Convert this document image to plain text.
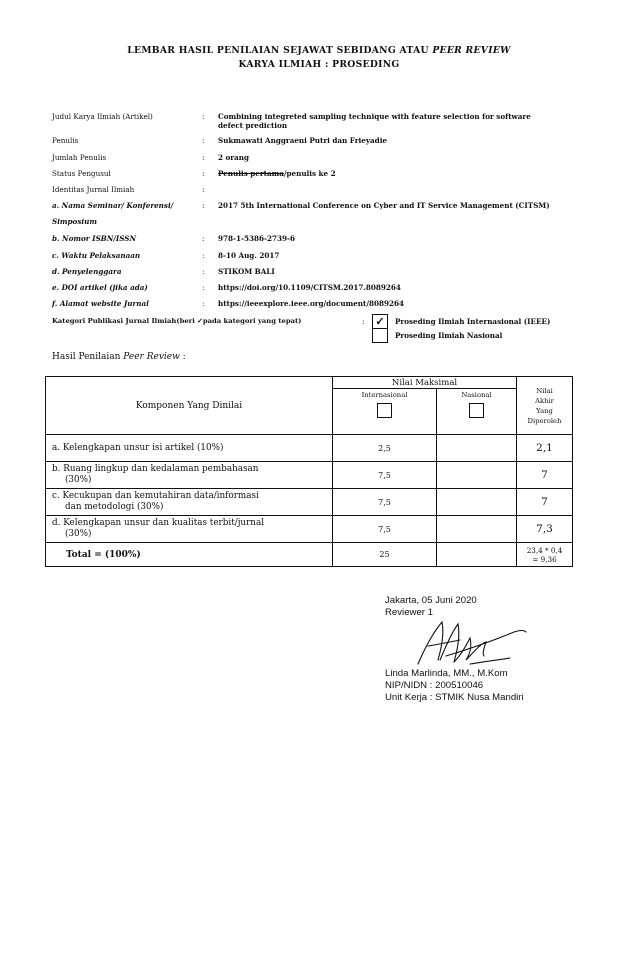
LEMBAR HASIL PENILAIAN SEJAWAT SEBIDANG ATAU PEER REVIEW
KARYA ILMIAH : PROSEDING
Judul Karya Ilmiah (Artikel)	: Combining integreted sampling technique with feature selection for software
defect prediction
Penulis	: Sukmawati Anggraeni Putri dan Frieyadie
Jumlah Penulis	: 2 orang
Status Pengusul	: Penulis pertama/penulis ke 2
Identitas Jurnal Ilmiah	:
a. Nama Seminar/ Konferensi/	: 2017 5th International Conference on Cyber and IT Service Management (CITSM)
Simposium
b. Nomor ISBN/ISSN	: 978-1-5386-2739-6
c. Waktu Pelaksanaan	: 8-10 Aug. 2017
d. Penyelenggara	: STIKOM BALI
e. DOI artikel (jika ada)	: https://doi.org/10.1109/CITSM.2017.8089264
f. Alamat website Jurnal	: https://ieeexplore.ieee.org/document/8089264
Kategori Publikasi Jurnal Ilmiah(beri ✓pada kategori yang tepat)	: ✓	Proseding Ilmiah Internasional (IEEE)
Proseding Ilmiah Nasional
Hasil Penilaian Peer Review :
Komponen Yang Dinilai	Nilai Maksimal		Nilai
Akhir
Yang
Diperoleh

	Internasional	Nasional	

a. Kelengkapan unsur isi artikel (10%)	2,5		2,1

b. Ruang lingkup dan kedalaman pembahasan
(30%)	7,5		7

c. Kecukupan dan kemutahiran data/informasi
dan metodologi (30%)	7,5		7

d. Kelengkapan unsur dan kualitas terbit/jurnal
(30%)	7,5		7,3
Total = (100%)	25		23,4 * 0,4
= 9,36
Jakarta, 05 Juni 2020
Reviewer 1
Linda Marlinda, MM., M.Kom
NIP/NIDN : 200510046
Unit Kerja : STMIK Nusa Mandiri
